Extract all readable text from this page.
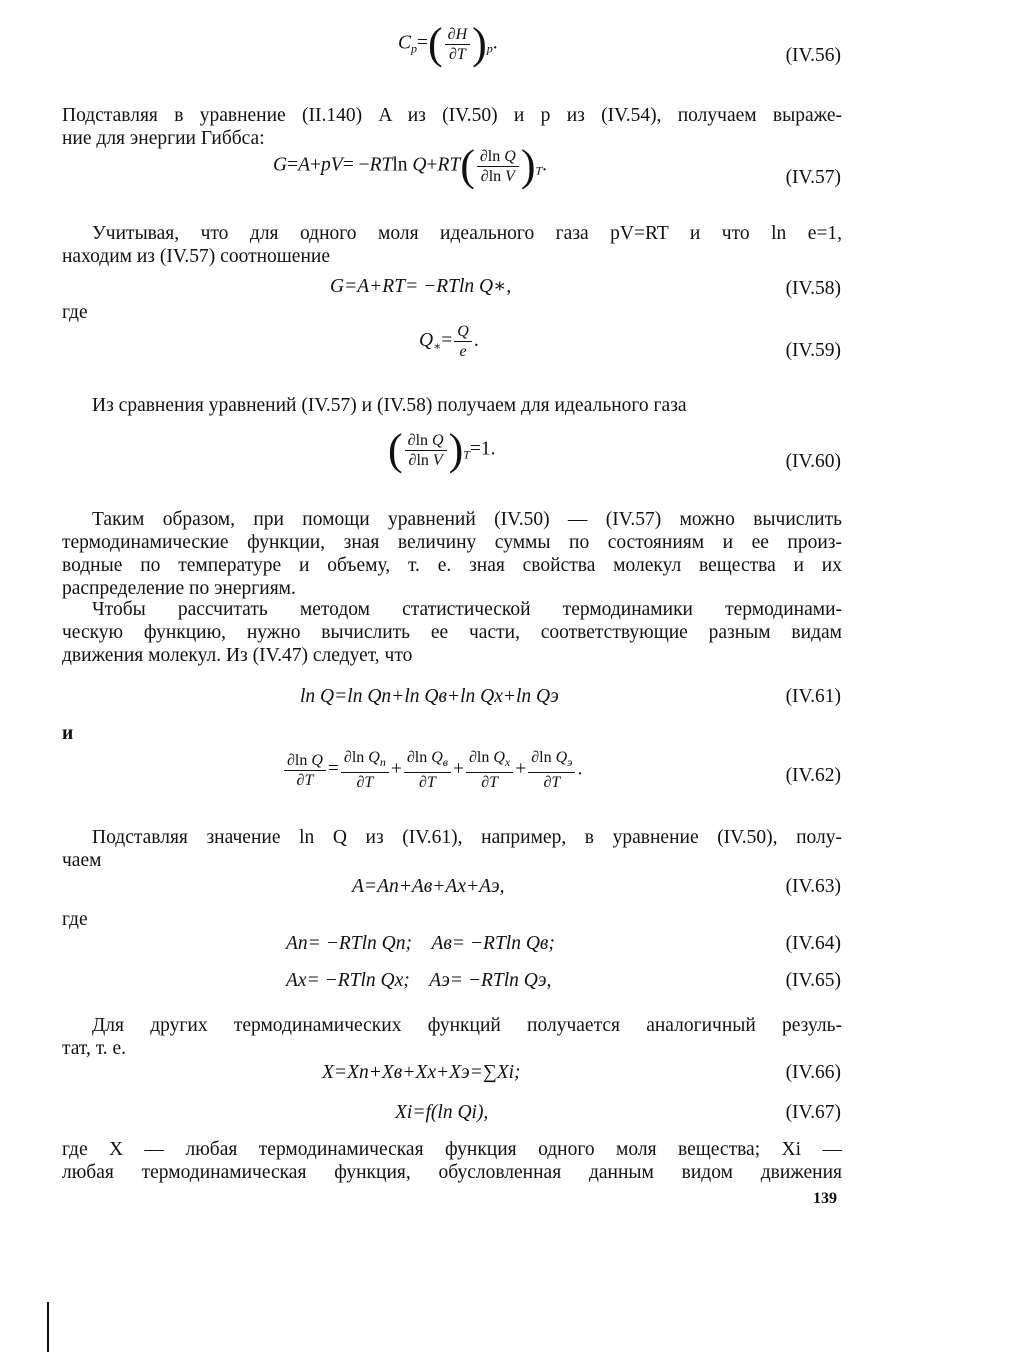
$C_p=( \frac{\partial H}{\partial T} )_p$.
(IV.56)
Подставляя в уравнение (II.140) A из (IV.50) и p из (IV.54), получаем выраже-
ние для энергии Гиббса:
G=A+pV= −RTln $Q+RT( \frac{\text{∂ln Q}}{\text{∂ln V}} )_T$.
(IV.57)
Учитывая, что для одного моля идеального газа pV=RT и что ln e=1,
находим из (IV.57) соотношение
G=A+RT= −RTln Q∗,	(IV.58)
где
$Q_∗= \frac{Q}{e}$ .	(IV.59)
Из сравнения уравнений (IV.57) и (IV.58) получаем для идеального газа
( $\frac{\text{∂ln Q}}{\text{∂ln V}} )_T=1$.
(IV.60)
Таким образом, при помощи уравнений (IV.50) — (IV.57) можно вычислить
термодинамические функции, зная величину суммы по состояниям и ее произ-
водные по температуре и объему, т. е. зная свойства молекул вещества и их
распределение по энергиям.
Чтобы рассчитать методом статистической термодинамики термодинами-
ческую функцию, нужно вычислить ее части, соответствующие разным видам
движения молекул. Из (IV.47) следует, что
ln Q=ln Qп+ln Qв+ln Qх+ln Qэ	(IV.61)
и
$\frac{\text{∂ln Q}}{\partial T} = \frac{\partial\ln Q_п}{\partial T} + \frac{\partial\ln Q_в}{\partial T} + \frac{\partial\ln Q_х}{\partial T} + \frac{\partial\ln Q_э}{\partial T}$ .	(IV.62)
Подставляя значение ln Q из (IV.61), например, в уравнение (IV.50), полу-
чаем
A=Aп+Aв+Aх+Aэ,	(IV.63)
где
Aп= −RTln Qп;    Aв= −RTln Qв;	(IV.64)
Aх= −RTln Qх;    Aэ= −RTln Qэ,	(IV.65)
Для других термодинамических функций получается аналогичный резуль-
тат, т. е.
X=Xп+Xв+Xх+Xэ=∑Xi;	(IV.66)
Xi=f(ln Qi),	(IV.67)
где X — любая термодинамическая функция одного моля вещества; Xi —
любая термодинамическая функция, обусловленная данным видом движения
139
